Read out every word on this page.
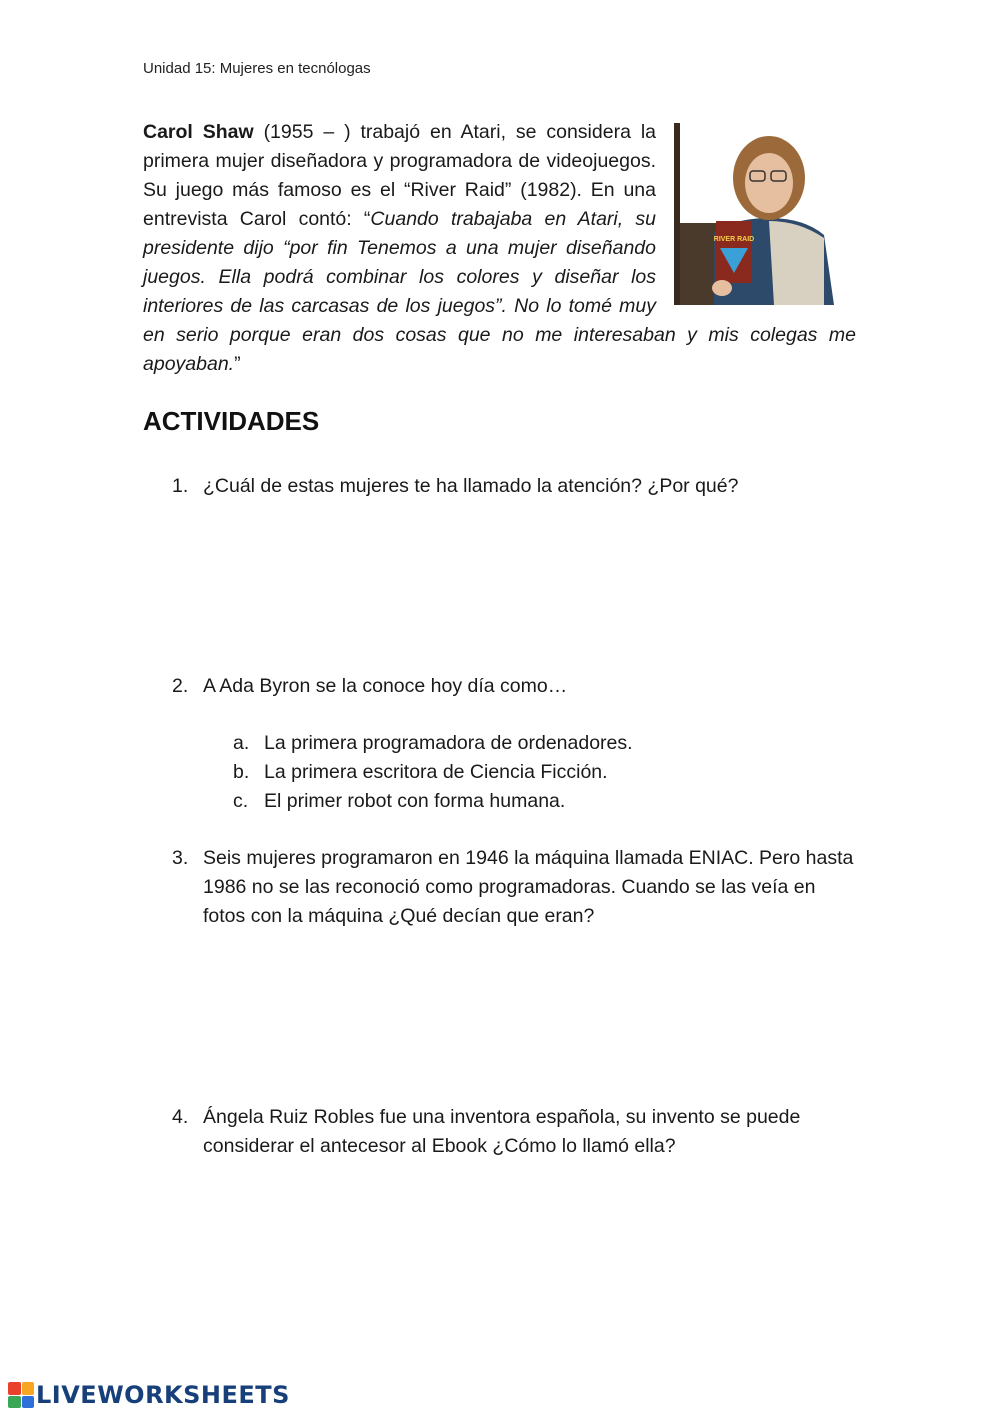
Unidad 15: Mujeres en tecnólogas
RIVER RAID
Carol Shaw (1955 – ) trabajó en Atari, se considera la primera mujer diseñadora y programadora de videojuegos. Su juego más famoso es el “River Raid” (1982). En una entrevista Carol contó: “Cuando trabajaba en Atari, su presidente dijo “por fin Tenemos a una mujer diseñando juegos. Ella podrá combinar los colores y diseñar los interiores de las carcasas de los juegos”. No lo tomé muy en serio porque eran dos cosas que no me interesaban y mis colegas me apoyaban.”
ACTIVIDADES
1. ¿Cuál de estas mujeres te ha llamado la atención? ¿Por qué?
2. A Ada Byron se la conoce hoy día como…
a. La primera programadora de ordenadores.
b. La primera escritora de Ciencia Ficción.
c. El primer robot con forma humana.
3. Seis mujeres programaron en 1946 la máquina llamada ENIAC. Pero hasta 1986 no se las reconoció como programadoras. Cuando se las veía en fotos con la máquina ¿Qué decían que eran?
4. Ángela Ruiz Robles fue una inventora española, su invento se puede considerar el antecesor al Ebook ¿Cómo lo llamó ella?
LIVEWORKSHEETS
